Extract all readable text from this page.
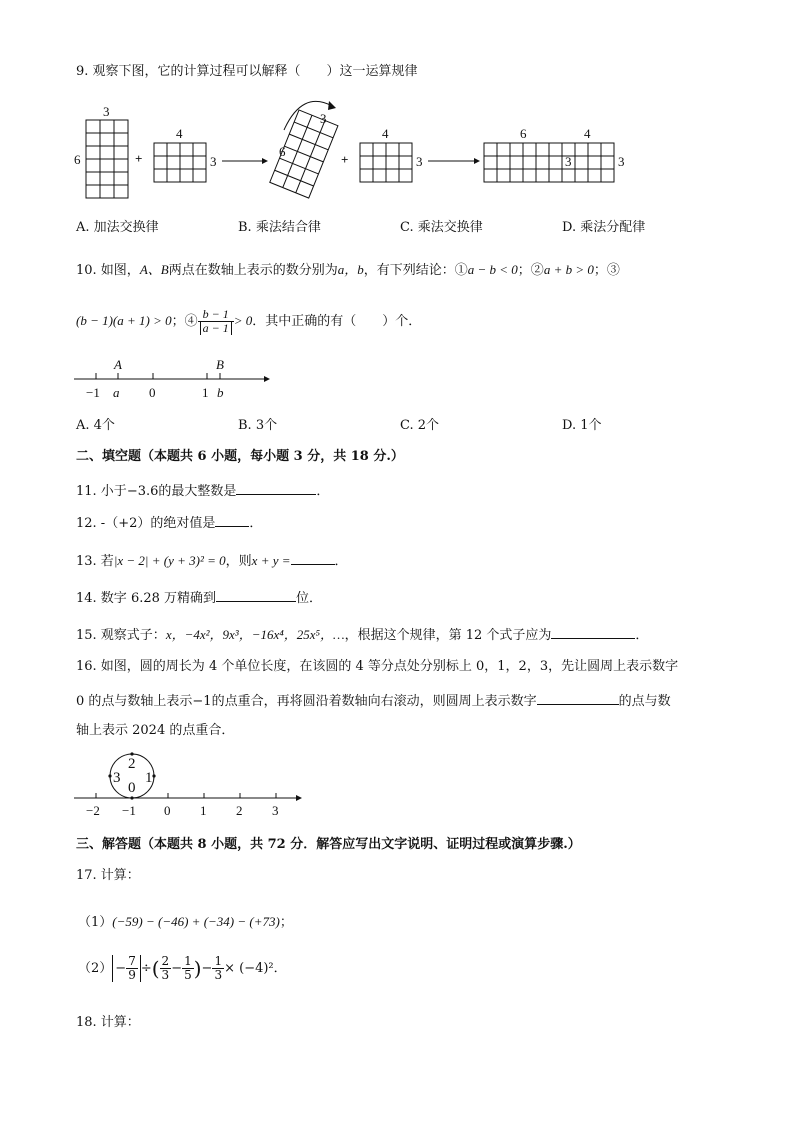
9. 观察下图，它的计算过程可以解释（　　）这一运算规律
3
6	+
4
3
3
6
+
4
3
6	4
3	3
A. 加法交换律	B. 乘法结合律	C. 乘法交换律	D. 乘法分配律
10. 如图，A、B两点在数轴上表示的数分别为a，b，有下列结论：①a − b < 0；②a + b > 0；③
(b − 1)(a + 1) > 0；④ $\frac{b - 1}{a - 1} > 0$．其中正确的有（　　）个．
A	B
−1 a 0	1 b
A. 4个	B. 3个	C. 2个	D. 1个
二、填空题（本题共 6 小题，每小题 3 分，共 18 分.）
11. 小于−3.6的最大整数是	．
12. -（+2）的绝对值是	．
13. 若|x − 2| + (y + 3)² = 0，则x + y =	．
14. 数字 6.28 万精确到	位．
15. 观察式子：x，−4x²，9x³，−16x⁴，25x⁵，…，根据这个规律，第 12 个式子应为	．
16. 如图，圆的周长为 4 个单位长度，在该圆的 4 等分点处分别标上 0，1，2，3，先让圆周上表示数字
0 的点与数轴上表示−1的点重合，再将圆沿着数轴向右滚动，则圆周上表示数字	的点与数
轴上表示 2024 的点重合．
2
3 1
0
−2 −1 0 1 2 3
三、解答题（本题共 8 小题，共 72 分．解答应写出文字说明、证明过程或演算步骤.）
17. 计算：
（1）(−59) − (−46) + (−34) − (+73)；
$(2) - \frac{7}{9}$ ÷( $\frac{2}{3} - \frac{1}{5}$ )− $\frac{1}{3} \times (-4)^2$．
18. 计算：
